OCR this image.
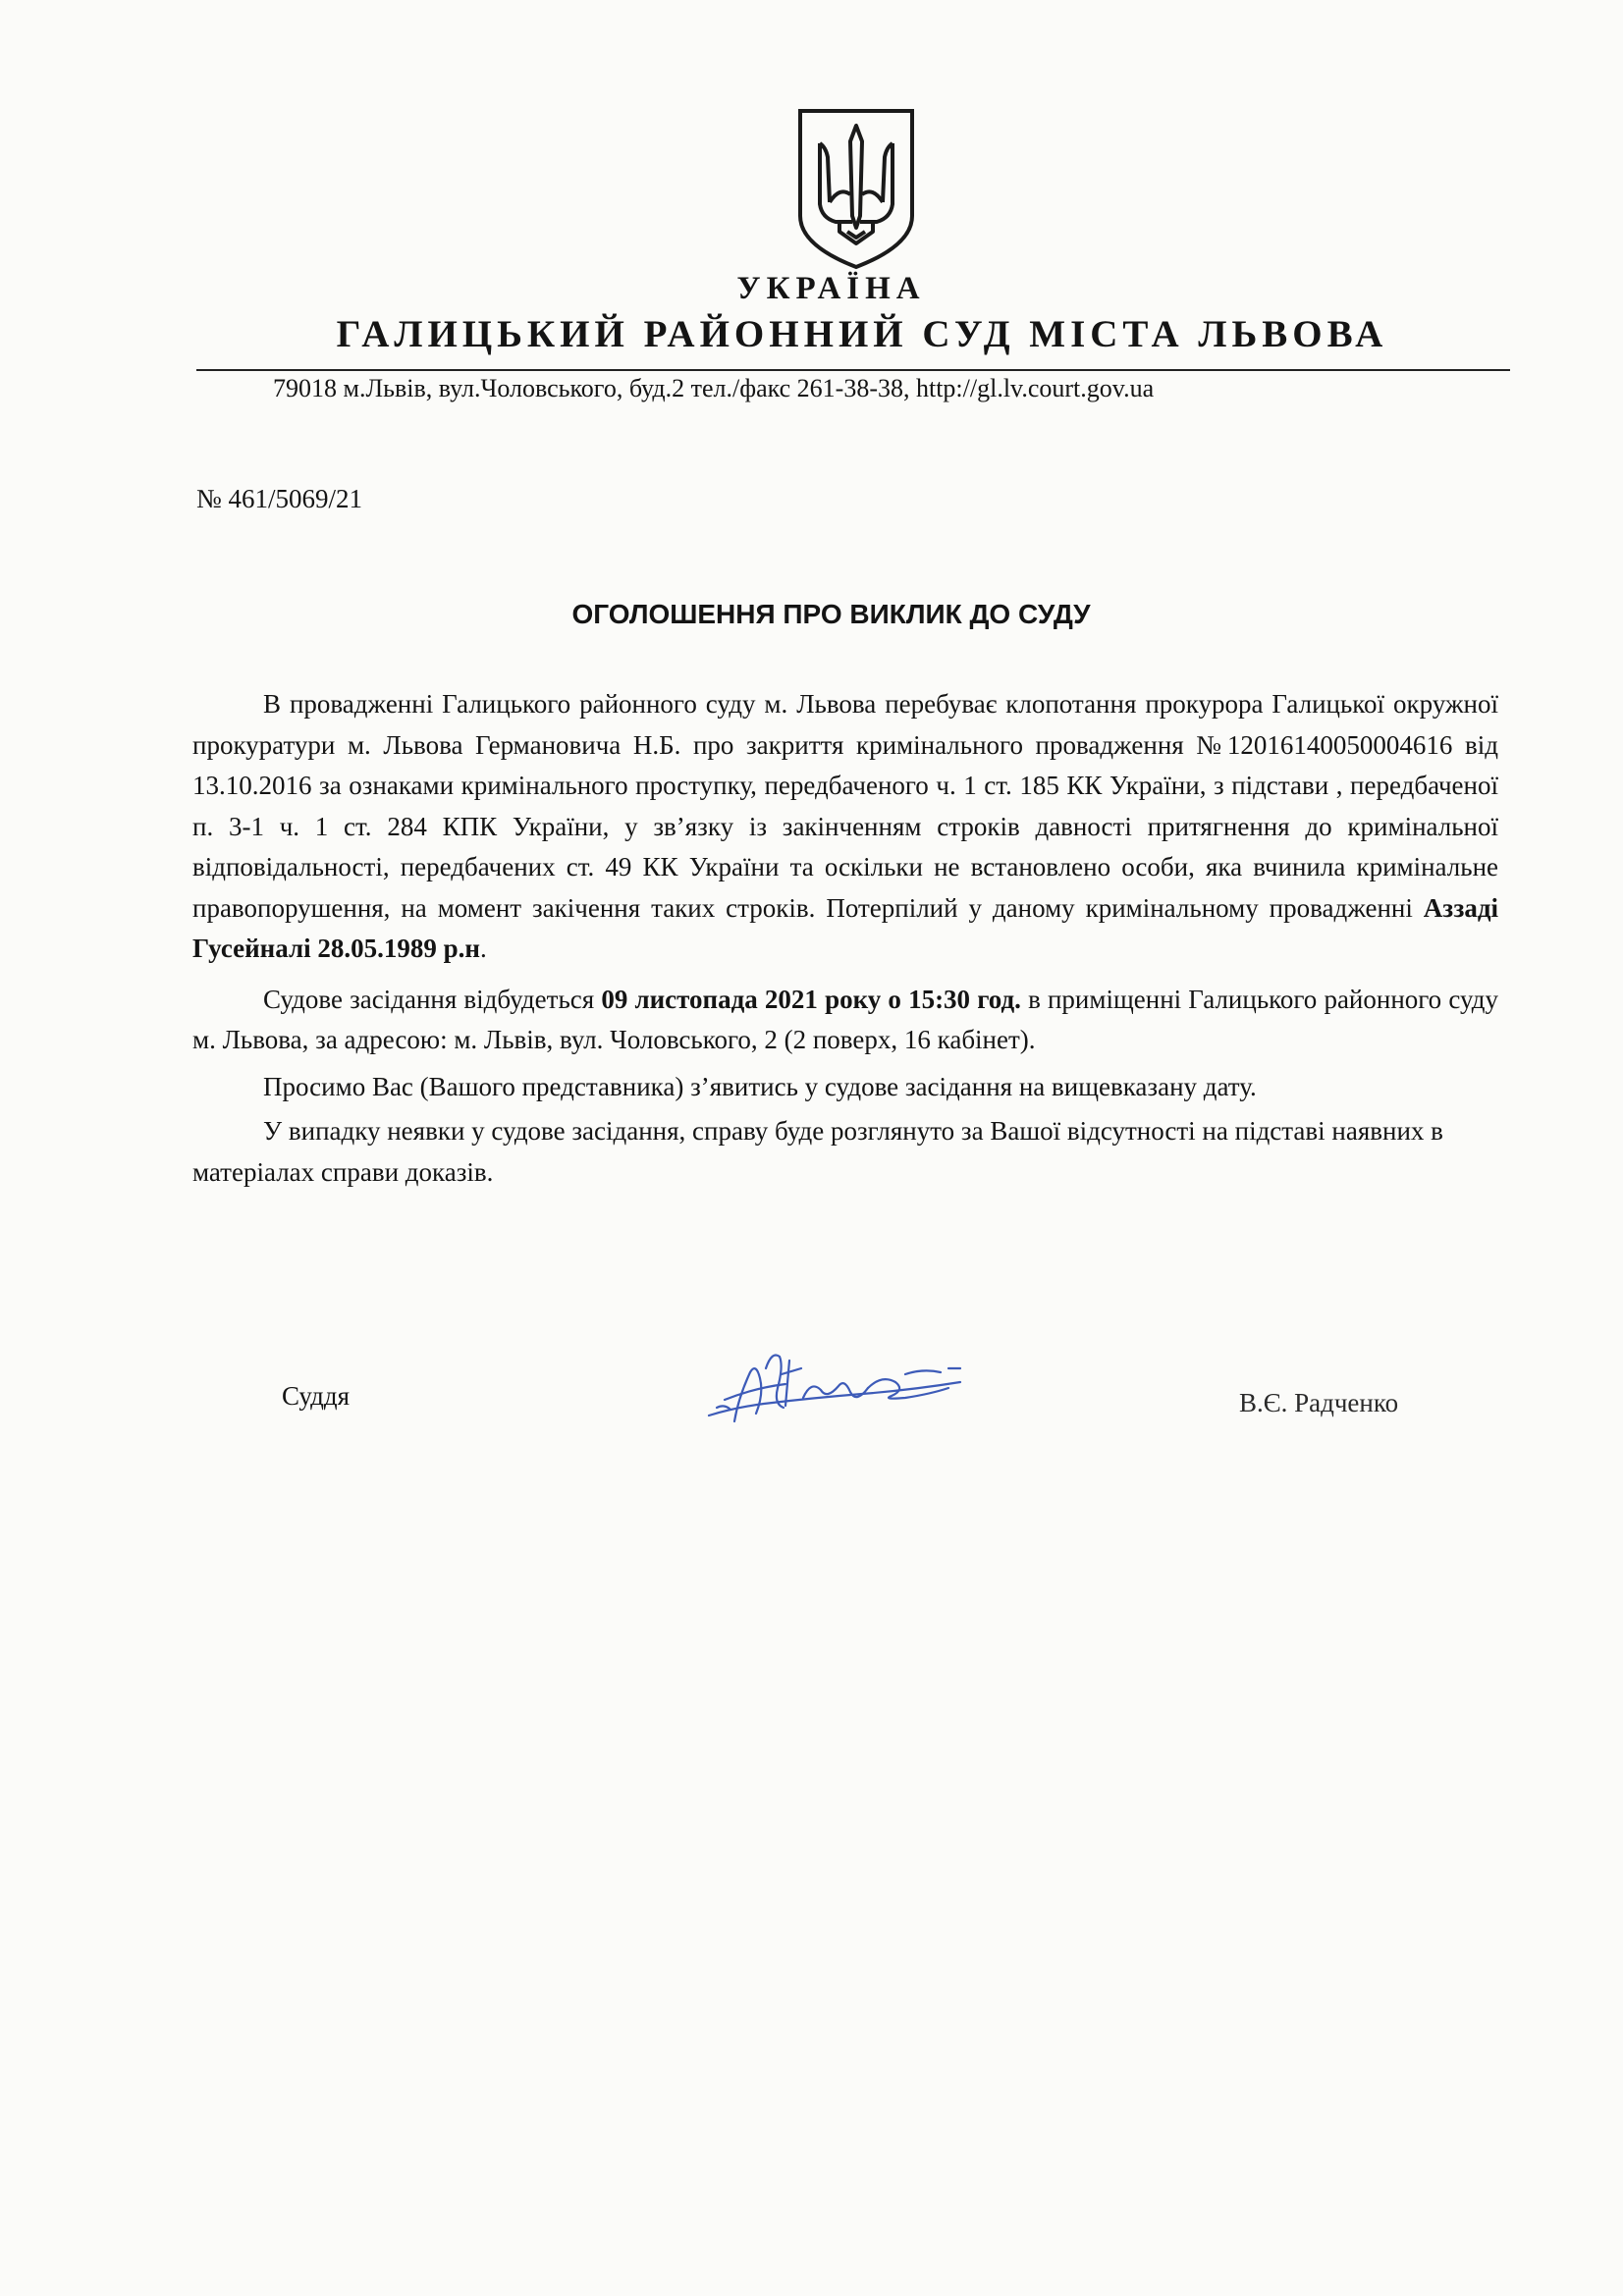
УКРАЇНА
ГАЛИЦЬКИЙ РАЙОННИЙ СУД МІСТА ЛЬВОВА
79018 м.Львів, вул.Чоловського, буд.2 тел./факс 261-38-38, http://gl.lv.court.gov.ua
№ 461/5069/21
ОГОЛОШЕННЯ ПРО ВИКЛИК ДО СУДУ

В провадженні Галицького районного суду м. Львова перебуває клопотання прокурора Галицької окружної прокуратури м. Львова Германовича Н.Б. про закриття кримінального провадження №12016140050004616 від 13.10.2016 за ознаками кримінального проступку, передбаченого ч. 1 ст. 185 КК України, з підстави , передбаченої п. 3-1 ч. 1 ст. 284 КПК України, у зв’язку із закінченням строків давності притягнення до кримінальної відповідальності, передбачених ст. 49 КК України та оскільки не встановлено особи, яка вчинила кримінальне правопорушення, на момент закічення таких строків. Потерпілий у даному кримінальному провадженні Аззаді Гусейналі 28.05.1989 р.н.

Судове засідання відбудеться 09 листопада 2021 року о 15:30 год. в приміщенні Галицького районного суду м. Львова, за адресою: м. Львів, вул. Чоловського, 2 (2 поверх, 16 кабінет).

Просимо Вас (Вашого представника) з’явитись у судове засідання на вищевказану дату.

У випадку неявки у судове засідання, справу буде розглянуто за Вашої відсутності на підставі наявних в матеріалах справи доказів.

Суддя	В.Є. Радченко
